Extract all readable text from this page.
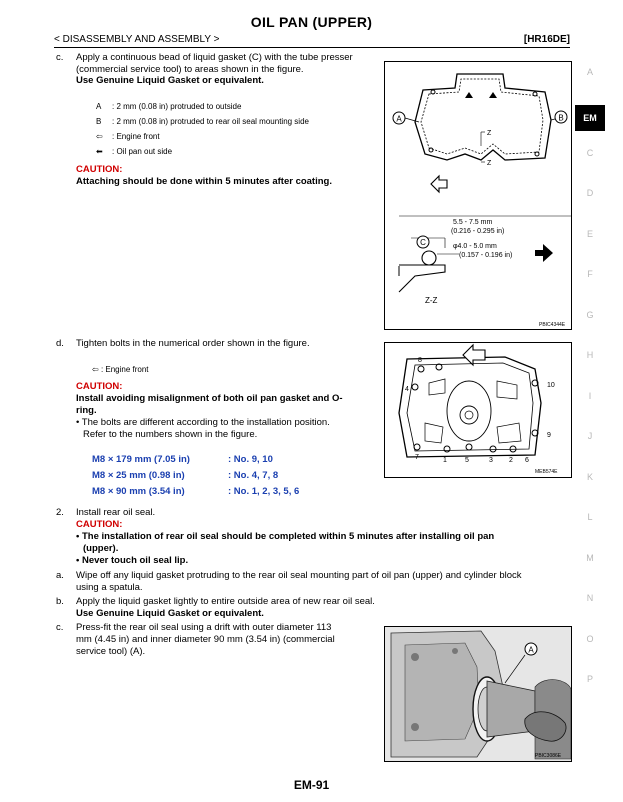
OIL PAN (UPPER)
< DISASSEMBLY AND ASSEMBLY >	[HR16DE]
A
EM
C
D
E
F
G
H
I
J
K
L
M
N
O
P
c. Apply a continuous bead of liquid gasket (C) with the tube presser (commercial service tool) to areas shown in the figure.
Use Genuine Liquid Gasket or equivalent.
A : 2 mm (0.08 in) protruded to outside
B : 2 mm (0.08 in) protruded to rear oil seal mounting side
⇦ : Engine front
⬅ : Oil pan out side
CAUTION:
Attaching should be done within 5 minutes after coating.
A	B
Z
Z
5.5 - 7.5 mm
(0.216 - 0.295 in)
C	φ4.0 - 5.0 mm
(0.157 - 0.196 in)
Z-Z
PBIC4344E
d. Tighten bolts in the numerical order shown in the figure.
⇦ : Engine front
CAUTION:
Install avoiding misalignment of both oil pan gasket and O-
ring.
• The bolts are different according to the installation position.
Refer to the numbers shown in the figure.
M8 × 179 mm (7.05 in)	: No. 9, 10
M8 × 25 mm (0.98 in)	: No. 4, 7, 8
M8 × 90 mm (3.54 in)	: No. 1, 2, 3, 5, 6
8
10
4
9
7	1	5	3 2 6
MEB574E
2. Install rear oil seal.
CAUTION:
• The installation of rear oil seal should be completed within 5 minutes after installing oil pan
(upper).
• Never touch oil seal lip.
a. Wipe off any liquid gasket protruding to the rear oil seal mounting part of oil pan (upper) and cylinder block
using a spatula.
b. Apply the liquid gasket lightly to entire outside area of new rear oil seal.
Use Genuine Liquid Gasket or equivalent.
c. Press-fit the rear oil seal using a drift with outer diameter 113
mm (4.45 in) and inner diameter 90 mm (3.54 in) (commercial
service tool) (A).	A
PBIC3086E
EM-91
